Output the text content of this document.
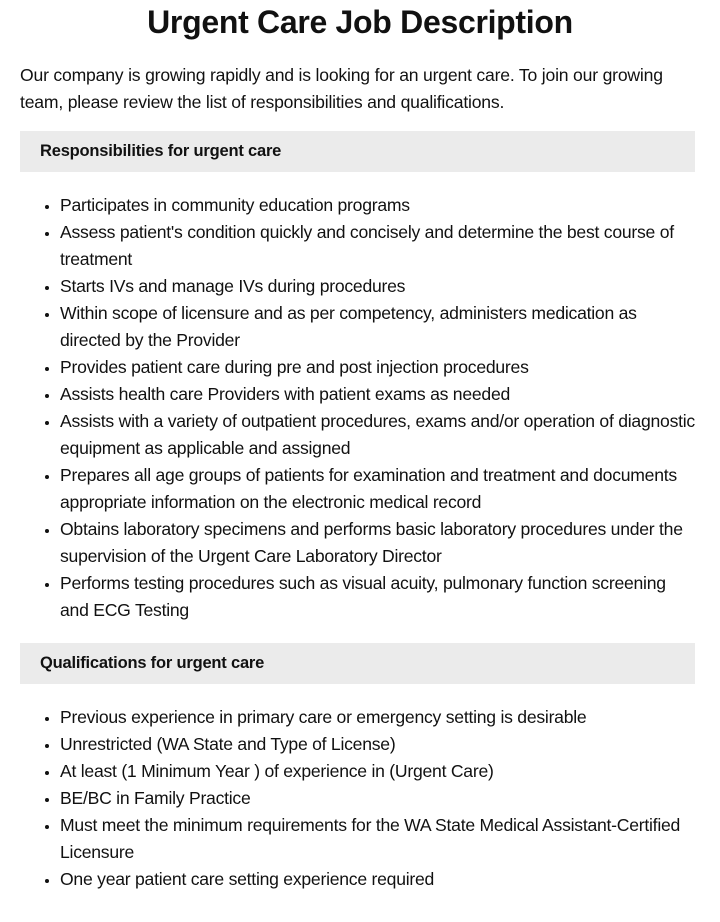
Urgent Care Job Description

Our company is growing rapidly and is looking for an urgent care. To join our growing team, please review the list of responsibilities and qualifications.

Responsibilities for urgent care
• Participates in community education programs
• Assess patient's condition quickly and concisely and determine the best course of treatment
• Starts IVs and manage IVs during procedures
• Within scope of licensure and as per competency, administers medication as directed by the Provider
• Provides patient care during pre and post injection procedures
• Assists health care Providers with patient exams as needed
• Assists with a variety of outpatient procedures, exams and/or operation of diagnostic equipment as applicable and assigned
• Prepares all age groups of patients for examination and treatment and documents appropriate information on the electronic medical record
• Obtains laboratory specimens and performs basic laboratory procedures under the supervision of the Urgent Care Laboratory Director
• Performs testing procedures such as visual acuity, pulmonary function screening and ECG Testing
Qualifications for urgent care
• Previous experience in primary care or emergency setting is desirable
• Unrestricted (WA State and Type of License)
• At least (1 Minimum Year ) of experience in (Urgent Care)
• BE/BC in Family Practice
• Must meet the minimum requirements for the WA State Medical Assistant-Certified Licensure
• One year patient care setting experience required
